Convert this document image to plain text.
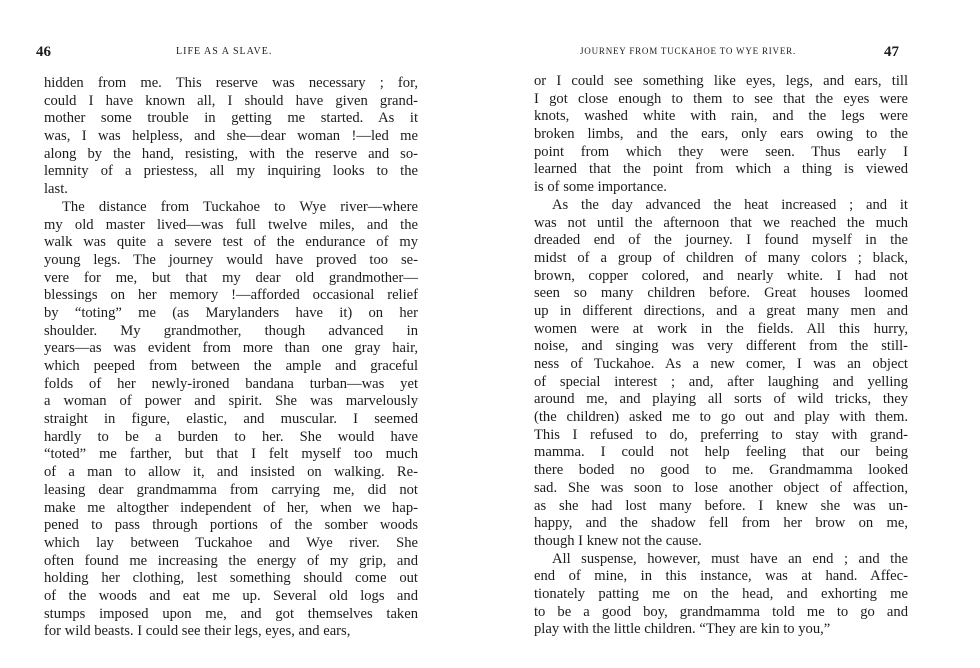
46	LIFE AS A SLAVE.
hidden from me. This reserve was necessary ; for,
could I have known all, I should have given grand-
mother some trouble in getting me started. As it
was, I was helpless, and she—dear woman !—led me
along by the hand, resisting, with the reserve and so-
lemnity of a priestess, all my inquiring looks to the
last.
The distance from Tuckahoe to Wye river—where
my old master lived—was full twelve miles, and the
walk was quite a severe test of the endurance of my
young legs. The journey would have proved too se-
vere for me, but that my dear old grandmother—
blessings on her memory !—afforded occasional relief
by “toting” me (as Marylanders have it) on her
shoulder. My grandmother, though advanced in
years—as was evident from more than one gray hair,
which peeped from between the ample and graceful
folds of her newly-ironed bandana turban—was yet
a woman of power and spirit. She was marvelously
straight in figure, elastic, and muscular. I seemed
hardly to be a burden to her. She would have
“toted” me farther, but that I felt myself too much
of a man to allow it, and insisted on walking. Re-
leasing dear grandmamma from carrying me, did not
make me altogther independent of her, when we hap-
pened to pass through portions of the somber woods
which lay between Tuckahoe and Wye river. She
often found me increasing the energy of my grip, and
holding her clothing, lest something should come out
of the woods and eat me up. Several old logs and
stumps imposed upon me, and got themselves taken
for wild beasts. I could see their legs, eyes, and ears,
JOURNEY FROM TUCKAHOE TO WYE RIVER.	47
or I could see something like eyes, legs, and ears, till
I got close enough to them to see that the eyes were
knots, washed white with rain, and the legs were
broken limbs, and the ears, only ears owing to the
point from which they were seen. Thus early I
learned that the point from which a thing is viewed
is of some importance.
As the day advanced the heat increased ; and it
was not until the afternoon that we reached the much
dreaded end of the journey. I found myself in the
midst of a group of children of many colors ; black,
brown, copper colored, and nearly white. I had not
seen so many children before. Great houses loomed
up in different directions, and a great many men and
women were at work in the fields. All this hurry,
noise, and singing was very different from the still-
ness of Tuckahoe. As a new comer, I was an object
of special interest ; and, after laughing and yelling
around me, and playing all sorts of wild tricks, they
(the children) asked me to go out and play with them.
This I refused to do, preferring to stay with grand-
mamma. I could not help feeling that our being
there boded no good to me. Grandmamma looked
sad. She was soon to lose another object of affection,
as she had lost many before. I knew she was un-
happy, and the shadow fell from her brow on me,
though I knew not the cause.
All suspense, however, must have an end ; and the
end of mine, in this instance, was at hand. Affec-
tionately patting me on the head, and exhorting me
to be a good boy, grandmamma told me to go and
play with the little children. “They are kin to you,”
